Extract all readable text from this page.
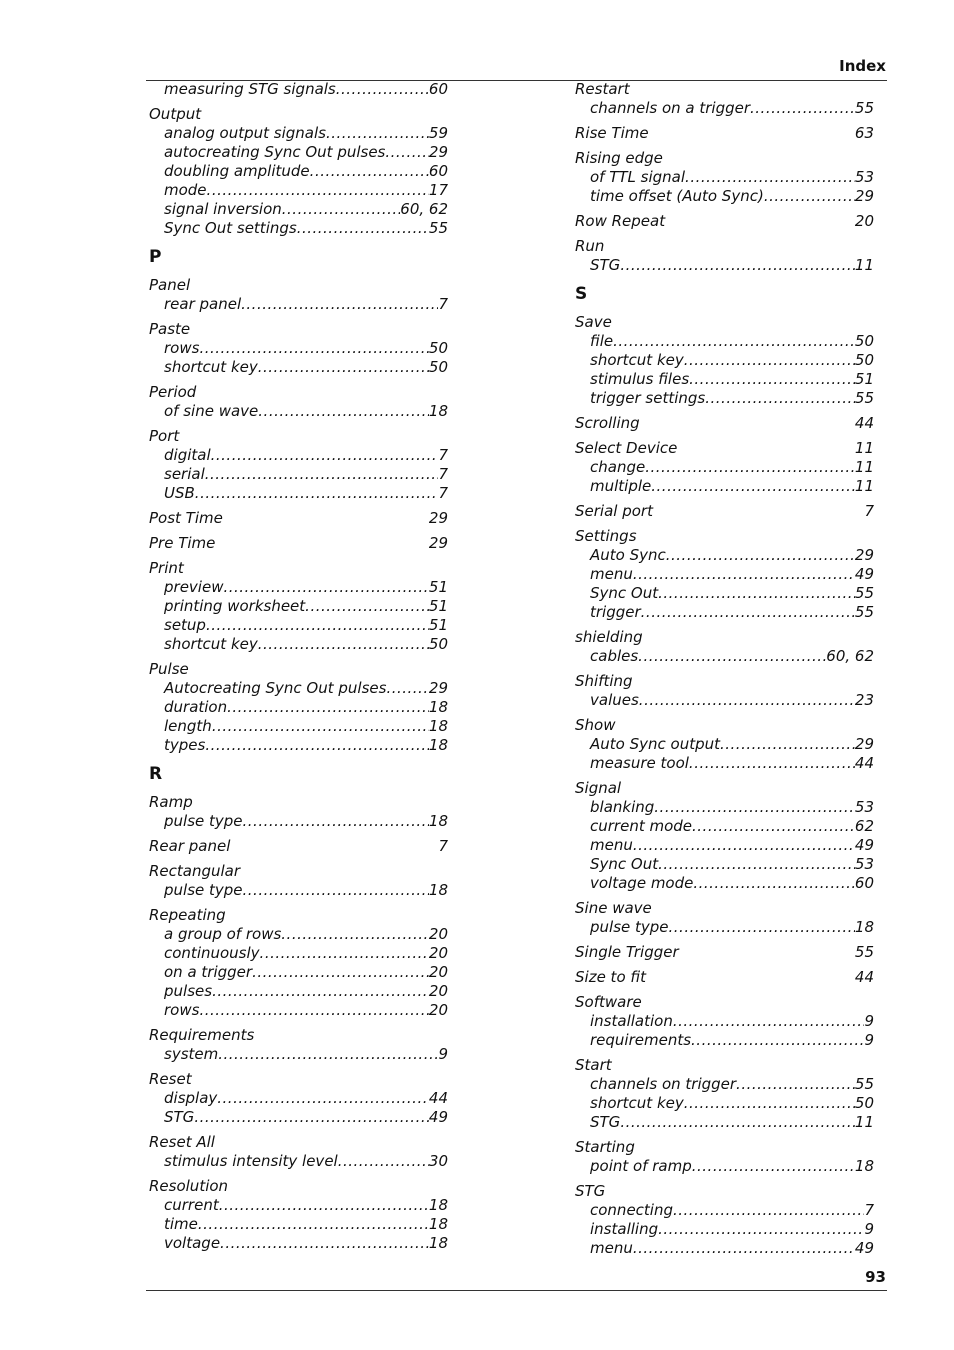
Index
measuring STG signals .....	60
Output
analog output signals .....	59
autocreating Sync Out pulses .....	29
doubling amplitude .....	60
mode .....	17
signal inversion .....	60, 62
Sync Out settings .....	55
P
Panel
rear panel .....	7
Paste
rows .....	50
shortcut key .....	50
Period
of sine wave .....	18
Port
digital .....	7
serial .....	7
USB .....	7
Post Time	29
Pre Time	29
Print
preview .....	51
printing worksheet .....	51
setup .....	51
shortcut key .....	50
Pulse
Autocreating Sync Out pulses .....	29
duration .....	18
length .....	18
types .....	18
R
Ramp
pulse type .....	18
Rear panel	7
Rectangular
pulse type .....	18
Repeating
a group of rows .....	20
continuously .....	20
on a trigger .....	20
pulses .....	20
rows .....	20
Requirements
system .....	9
Reset
display .....	44
STG .....	49
Reset All
stimulus intensity level .....	30
Resolution
current .....	18
time .....	18
voltage .....	18
Restart
channels on a trigger .....	55
Rise Time	63
Rising edge
of TTL signal .....	53
time offset (Auto Sync) .....	29
Row Repeat	20
Run
STG .....	11
S
Save
file .....	50
shortcut key .....	50
stimulus files .....	51
trigger settings .....	55
Scrolling	44
Select Device	11
change .....	11
multiple .....	11
Serial port	7
Settings
Auto Sync .....	29
menu .....	49
Sync Out .....	55
trigger .....	55
shielding
cables .....	60, 62
Shifting
values .....	23
Show
Auto Sync output .....	29
measure tool .....	44
Signal
blanking .....	53
current mode .....	62
menu .....	49
Sync Out .....	53
voltage mode .....	60
Sine wave
pulse type .....	18
Single Trigger	55
Size to fit	44
Software
installation .....	9
requirements .....	9
Start
channels on trigger .....	55
shortcut key .....	50
STG .....	11
Starting
point of ramp .....	18
STG
connecting .....	7
installing .....	9
menu .....	49
93
